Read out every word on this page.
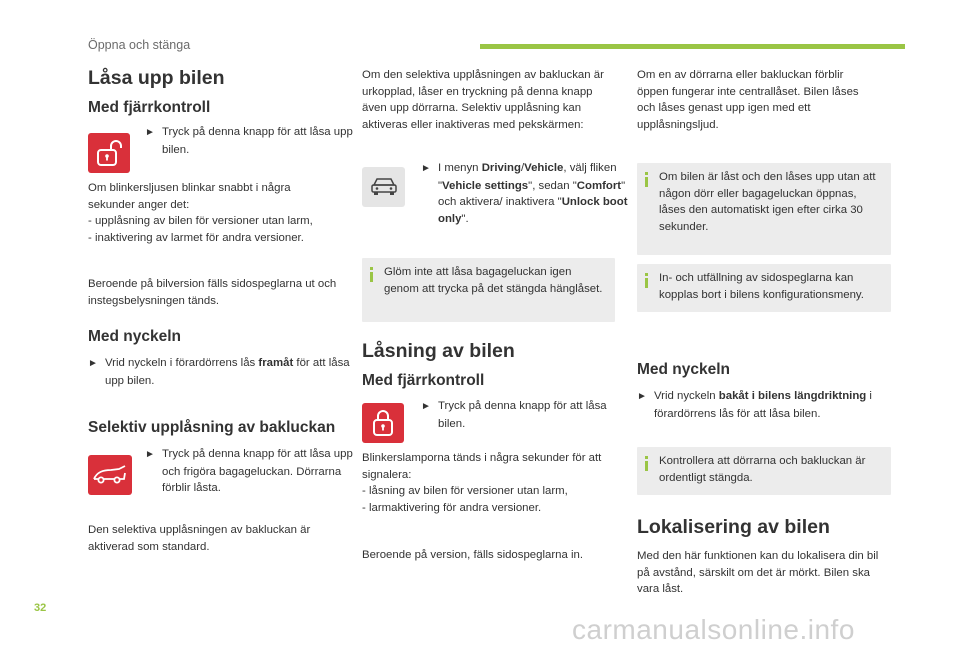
Öppna och stänga
Låsa upp bilen
Med fjärrkontroll
► Tryck på denna knapp för att låsa upp bilen.
Om blinkersljusen blinkar snabbt i några
sekunder anger det:
- upplåsning av bilen för versioner utan larm,
- inaktivering av larmet för andra versioner.
Beroende på bilversion fälls sidospeglarna ut och instegsbelysningen tänds.
Med nyckeln
► Vrid nyckeln i förardörrens lås framåt för att låsa upp bilen.
Selektiv upplåsning av bakluckan
► Tryck på denna knapp för att låsa upp och frigöra bagageluckan. Dörrarna förblir låsta.
Den selektiva upplåsningen av bakluckan är aktiverad som standard.
Om den selektiva upplåsningen av bakluckan är urkopplad, låser en tryckning på denna knapp även upp dörrarna. Selektiv upplåsning kan aktiveras eller inaktiveras med pekskärmen:
► I menyn Driving/Vehicle, välj fliken "Vehicle settings", sedan "Comfort" och aktivera/ inaktivera "Unlock boot only".
Glöm inte att låsa bagageluckan igen genom att trycka på det stängda hänglåset.
Låsning av bilen
Med fjärrkontroll
► Tryck på denna knapp för att låsa bilen.
Blinkerslamporna tänds i några sekunder för att
signalera:
- låsning av bilen för versioner utan larm,
- larmaktivering för andra versioner.
Beroende på version, fälls sidospeglarna in.
Om en av dörrarna eller bakluckan förblir öppen fungerar inte centrallåset. Bilen låses och låses genast upp igen med ett upplåsningsljud.
Om bilen är låst och den låses upp utan att någon dörr eller bagageluckan öppnas, låses den automatiskt igen efter cirka 30 sekunder.
In- och utfällning av sidospeglarna kan kopplas bort i bilens konfigurationsmeny.
Med nyckeln
► Vrid nyckeln bakåt i bilens längdriktning i förardörrens lås för att låsa bilen.
Kontrollera att dörrarna och bakluckan är ordentligt stängda.
Lokalisering av bilen
Med den här funktionen kan du lokalisera din bil på avstånd, särskilt om det är mörkt. Bilen ska vara låst.
32
carmanualsonline.info
